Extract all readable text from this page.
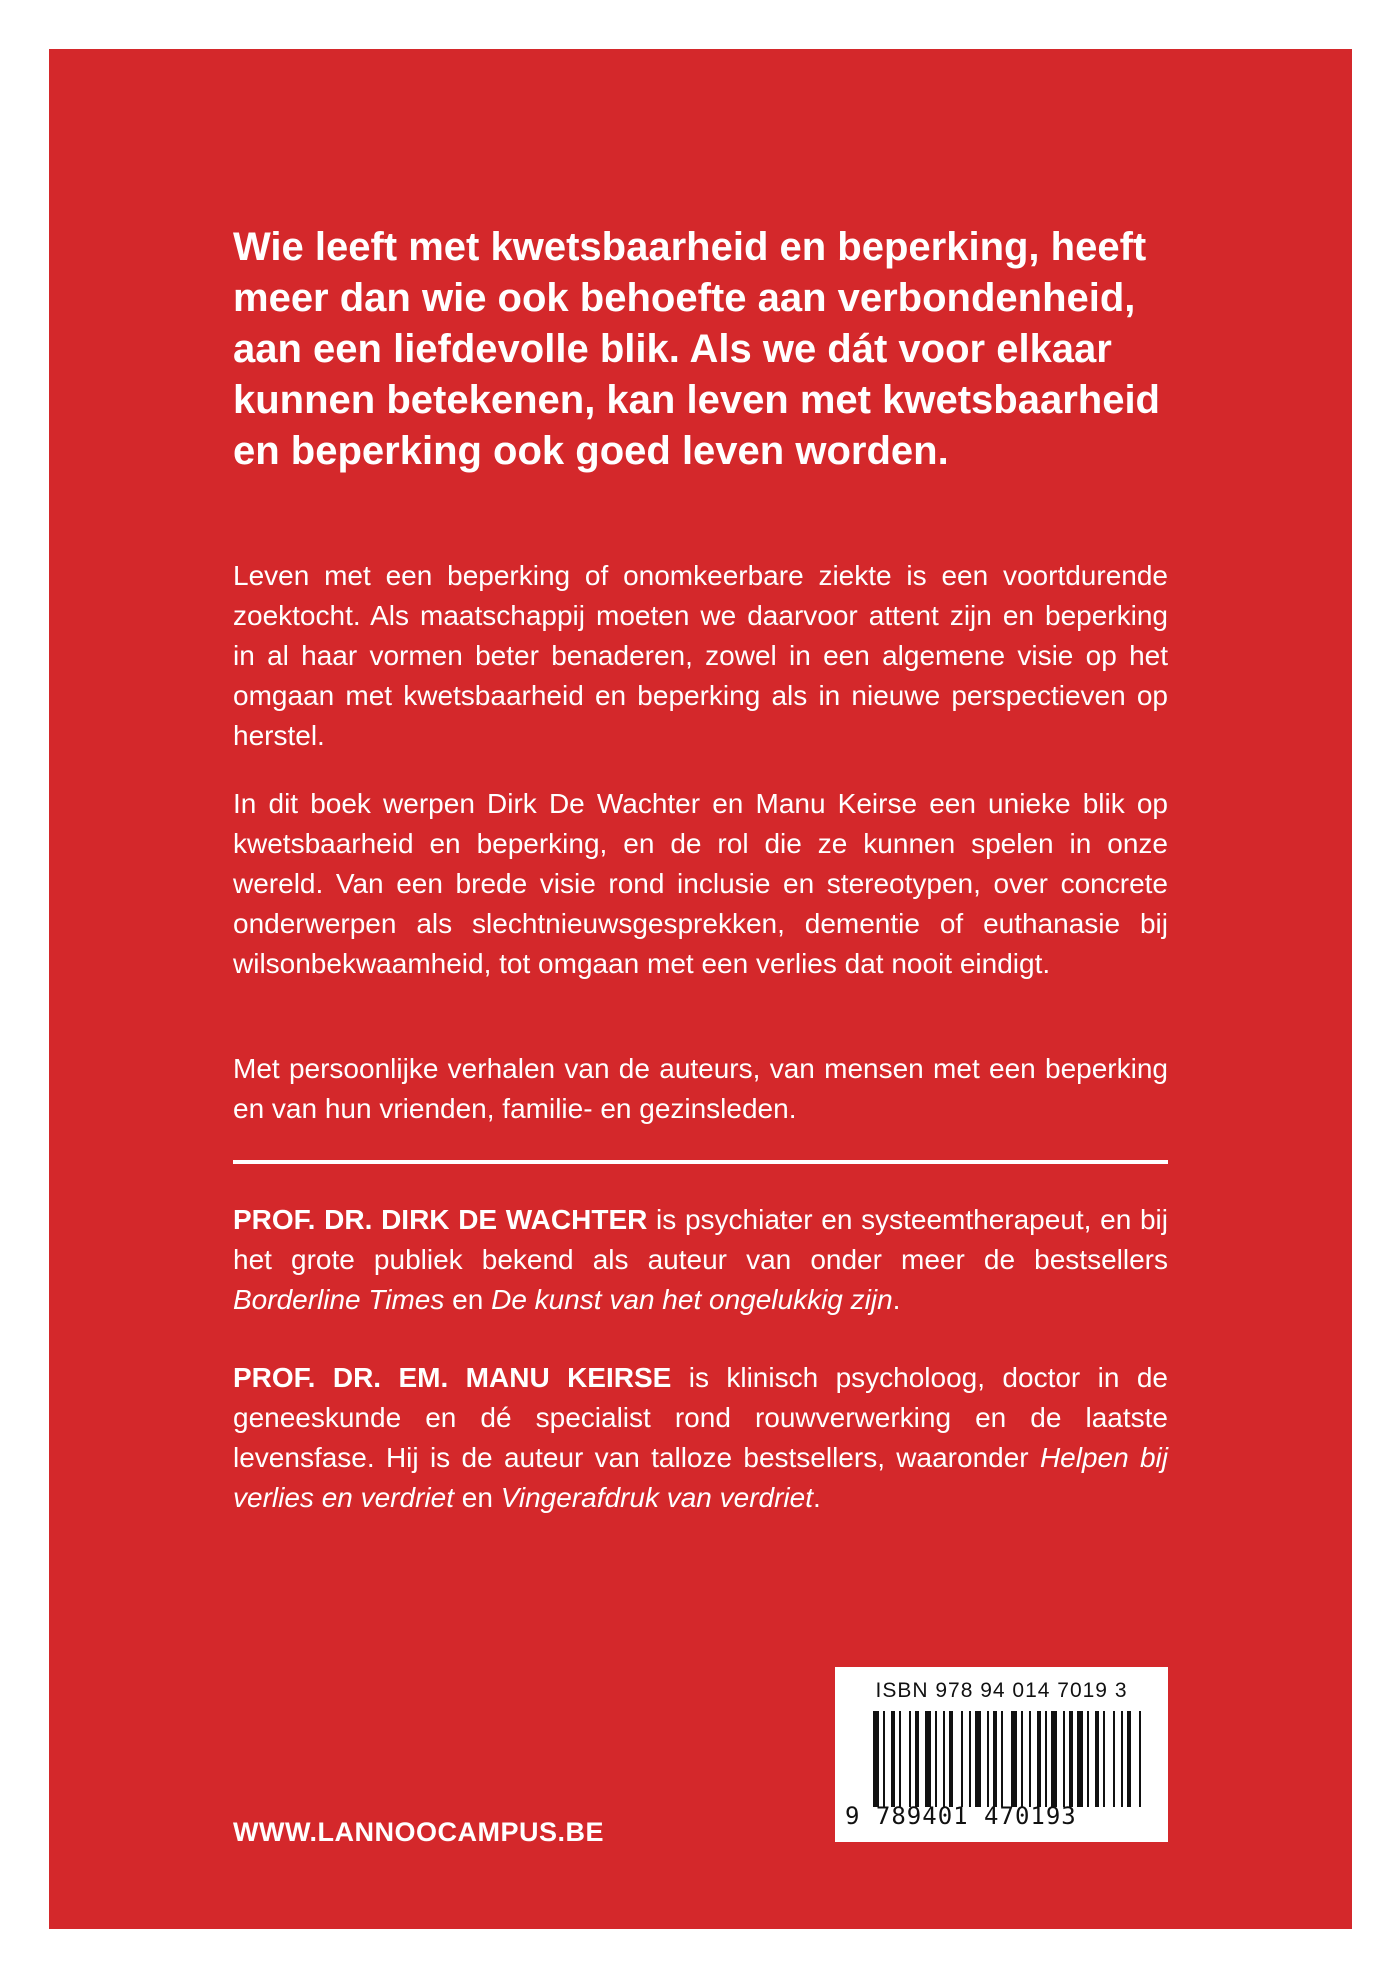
Wie leeft met kwetsbaarheid en beperking, heeft meer dan wie ook behoefte aan verbondenheid, aan een liefdevolle blik. Als we dát voor elkaar kunnen betekenen, kan leven met kwetsbaarheid en beperking ook goed leven worden.

Leven met een beperking of onomkeerbare ziekte is een voortdurende zoektocht. Als maatschappij moeten we daarvoor attent zijn en beperking in al haar vormen beter benaderen, zowel in een algemene visie op het omgaan met kwetsbaarheid en beperking als in nieuwe perspectieven op herstel.

In dit boek werpen Dirk De Wachter en Manu Keirse een unieke blik op kwetsbaarheid en beperking, en de rol die ze kunnen spelen in onze wereld. Van een brede visie rond inclusie en stereotypen, over concrete onderwerpen als slechtnieuwsgesprekken, dementie of euthanasie bij wilsonbekwaamheid, tot omgaan met een verlies dat nooit eindigt.

Met persoonlijke verhalen van de auteurs, van mensen met een beperking en van hun vrienden, familie- en gezinsleden.

PROF. DR. DIRK DE WACHTER is psychiater en systeemtherapeut, en bij het grote publiek bekend als auteur van onder meer de bestsellers Borderline Times en De kunst van het ongelukkig zijn.

PROF. DR. EM. MANU KEIRSE is klinisch psycholoog, doctor in de geneeskunde en dé specialist rond rouwverwerking en de laatste levensfase. Hij is de auteur van talloze bestsellers, waaronder Helpen bij verlies en verdriet en Vingerafdruk van verdriet.

WWW.LANNOOCAMPUS.BE
ISBN 978 94 014 7019 3
9 789401 470193
